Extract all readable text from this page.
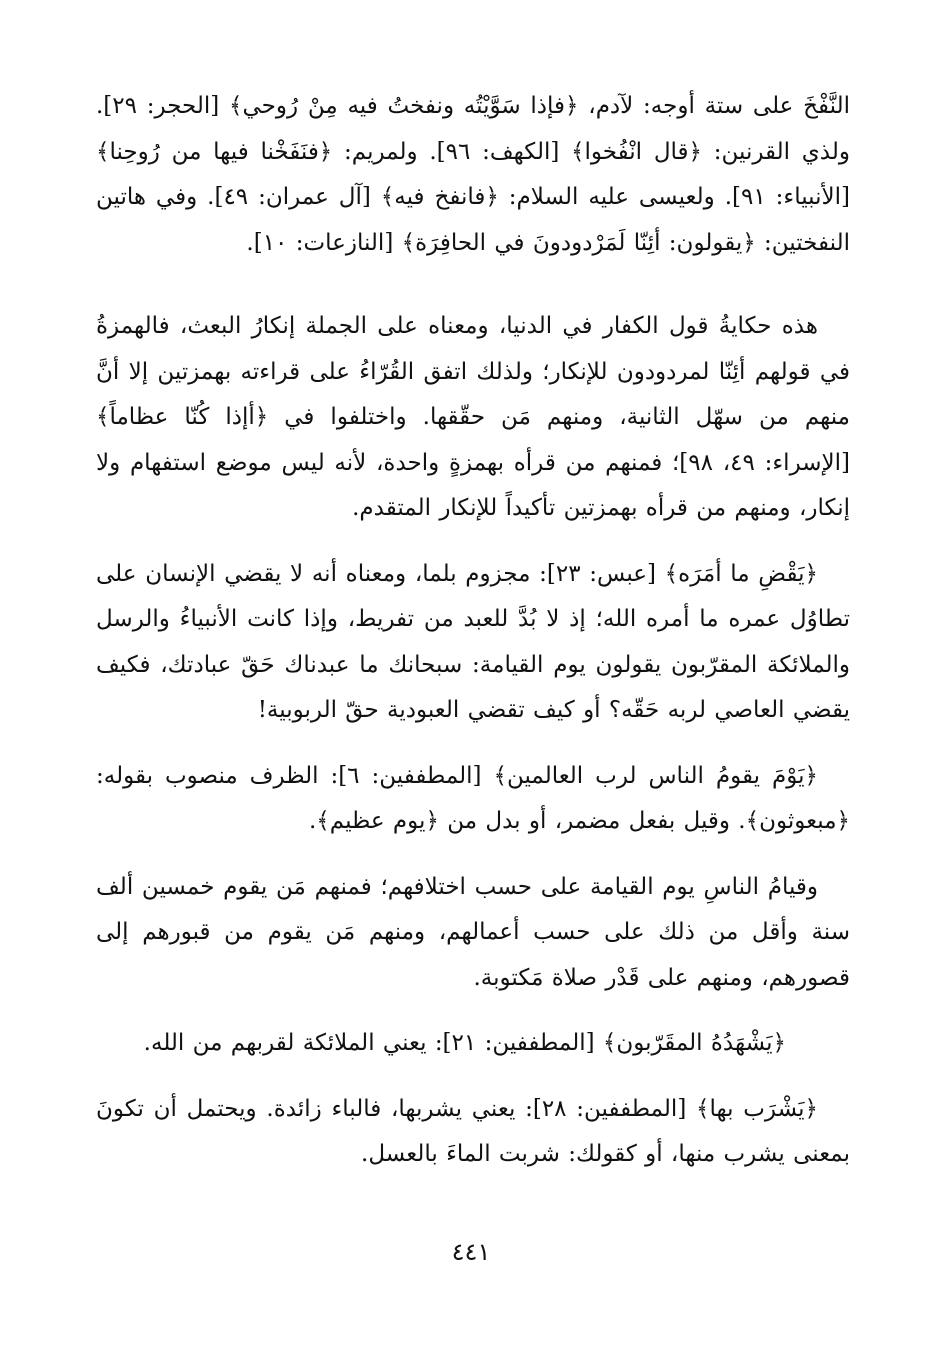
النَّفْخَ على ستة أوجه: لآدم، ﴿فإذا سَوَّيْتُه ونفختُ فيه مِنْ رُوحي﴾ [الحجر: ٢٩]. ولذي القرنين: ﴿قال انْفُخوا﴾ [الكهف: ٩٦]. ولمريم: ﴿فنَفَخْنا فيها من رُوحِنا﴾ [الأنبياء: ٩١]. ولعيسى عليه السلام: ﴿فانفخ فيه﴾ [آل عمران: ٤٩]. وفي هاتين النفختين: ﴿يقولون: أئِنّا لَمَرْدودونَ في الحافِرَة﴾ [النازعات: ١٠].

هذه حكايةُ قول الكفار في الدنيا، ومعناه على الجملة إنكارُ البعث، فالهمزةُ في قولهم أئِنّا لمردودون للإنكار؛ ولذلك اتفق القُرّاءُ على قراءته بهمزتين إلا أنَّ منهم من سهّل الثانية، ومنهم مَن حقّقها. واختلفوا في ﴿أإذا كُنّا عظاماً﴾ [الإسراء: ٤٩، ٩٨]؛ فمنهم من قرأه بهمزةٍ واحدة، لأنه ليس موضع استفهام ولا إنكار، ومنهم من قرأه بهمزتين تأكيداً للإنكار المتقدم.

﴿يَقْضِ ما أمَرَه﴾ [عبس: ٢٣]: مجزوم بلما، ومعناه أنه لا يقضي الإنسان على تطاوُل عمره ما أمره الله؛ إذ لا بُدَّ للعبد من تفريط، وإذا كانت الأنبياءُ والرسل والملائكة المقرّبون يقولون يوم القيامة: سبحانك ما عبدناك حَقّ عبادتك، فكيف يقضي العاصي لربه حَقّه؟ أو كيف تقضي العبودية حقّ الربوبية!

﴿يَوْمَ يقومُ الناس لرب العالمين﴾ [المطففين: ٦]: الظرف منصوب بقوله: ﴿مبعوثون﴾. وقيل بفعل مضمر، أو بدل من ﴿يوم عظيم﴾.

وقيامُ الناسِ يوم القيامة على حسب اختلافهم؛ فمنهم مَن يقوم خمسين ألف سنة وأقل من ذلك على حسب أعمالهم، ومنهم مَن يقوم من قبورهم إلى قصورهم، ومنهم على قَدْر صلاة مَكتوبة.

﴿يَشْهَدُهُ المقَرّبون﴾ [المطففين: ٢١]: يعني الملائكة لقربهم من الله.

﴿يَشْرَب بها﴾ [المطففين: ٢٨]: يعني يشربها، فالباء زائدة. ويحتمل أن تكونَ بمعنى يشرب منها، أو كقولك: شربت الماءَ بالعسل.

٤٤١
